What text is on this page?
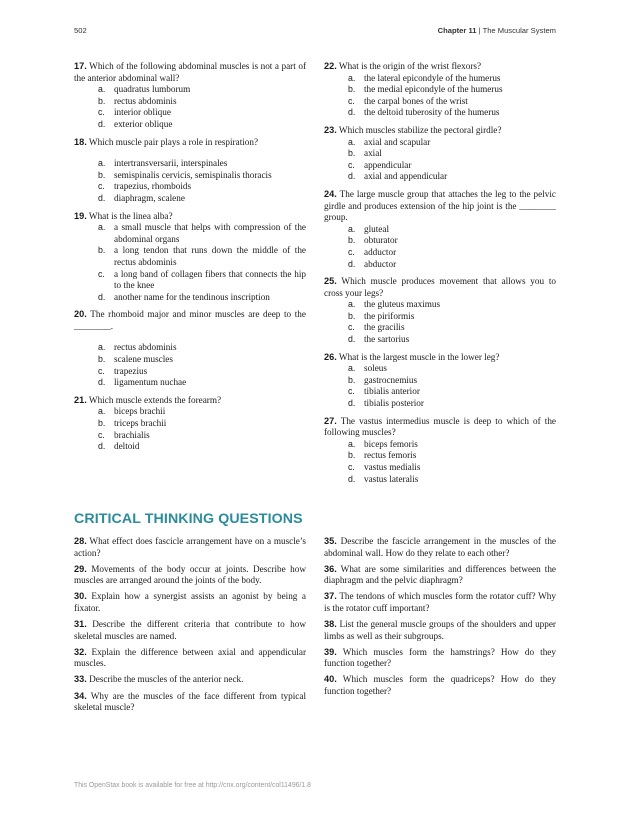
502	Chapter 11 | The Muscular System
17. Which of the following abdominal muscles is not a part of the anterior abdominal wall?
a. quadratus lumborum
b. rectus abdominis
c. interior oblique
d. exterior oblique
18. Which muscle pair plays a role in respiration?
a. intertransversarii, interspinales
b. semispinalis cervicis, semispinalis thoracis
c. trapezius, rhomboids
d. diaphragm, scalene
19. What is the linea alba?
a. a small muscle that helps with compression of the abdominal organs
b. a long tendon that runs down the middle of the rectus abdominis
c. a long band of collagen fibers that connects the hip to the knee
d. another name for the tendinous inscription
20. The rhomboid major and minor muscles are deep to the ________.
a. rectus abdominis
b. scalene muscles
c. trapezius
d. ligamentum nuchae
21. Which muscle extends the forearm?
a. biceps brachii
b. triceps brachii
c. brachialis
d. deltoid
22. What is the origin of the wrist flexors?
a. the lateral epicondyle of the humerus
b. the medial epicondyle of the humerus
c. the carpal bones of the wrist
d. the deltoid tuberosity of the humerus
23. Which muscles stabilize the pectoral girdle?
a. axial and scapular
b. axial
c. appendicular
d. axial and appendicular
24. The large muscle group that attaches the leg to the pelvic girdle and produces extension of the hip joint is the ________ group.
a. gluteal
b. obturator
c. adductor
d. abductor
25. Which muscle produces movement that allows you to cross your legs?
a. the gluteus maximus
b. the piriformis
c. the gracilis
d. the sartorius
26. What is the largest muscle in the lower leg?
a. soleus
b. gastrocnemius
c. tibialis anterior
d. tibialis posterior
27. The vastus intermedius muscle is deep to which of the following muscles?
a. biceps femoris
b. rectus femoris
c. vastus medialis
d. vastus lateralis
CRITICAL THINKING QUESTIONS
28. What effect does fascicle arrangement have on a muscle’s action?
29. Movements of the body occur at joints. Describe how muscles are arranged around the joints of the body.
30. Explain how a synergist assists an agonist by being a fixator.
31. Describe the different criteria that contribute to how skeletal muscles are named.
32. Explain the difference between axial and appendicular muscles.
33. Describe the muscles of the anterior neck.
34. Why are the muscles of the face different from typical skeletal muscle?
35. Describe the fascicle arrangement in the muscles of the abdominal wall. How do they relate to each other?
36. What are some similarities and differences between the diaphragm and the pelvic diaphragm?
37. The tendons of which muscles form the rotator cuff? Why is the rotator cuff important?
38. List the general muscle groups of the shoulders and upper limbs as well as their subgroups.
39. Which muscles form the hamstrings? How do they function together?
40. Which muscles form the quadriceps? How do they function together?
This OpenStax book is available for free at http://cnx.org/content/col11496/1.8
